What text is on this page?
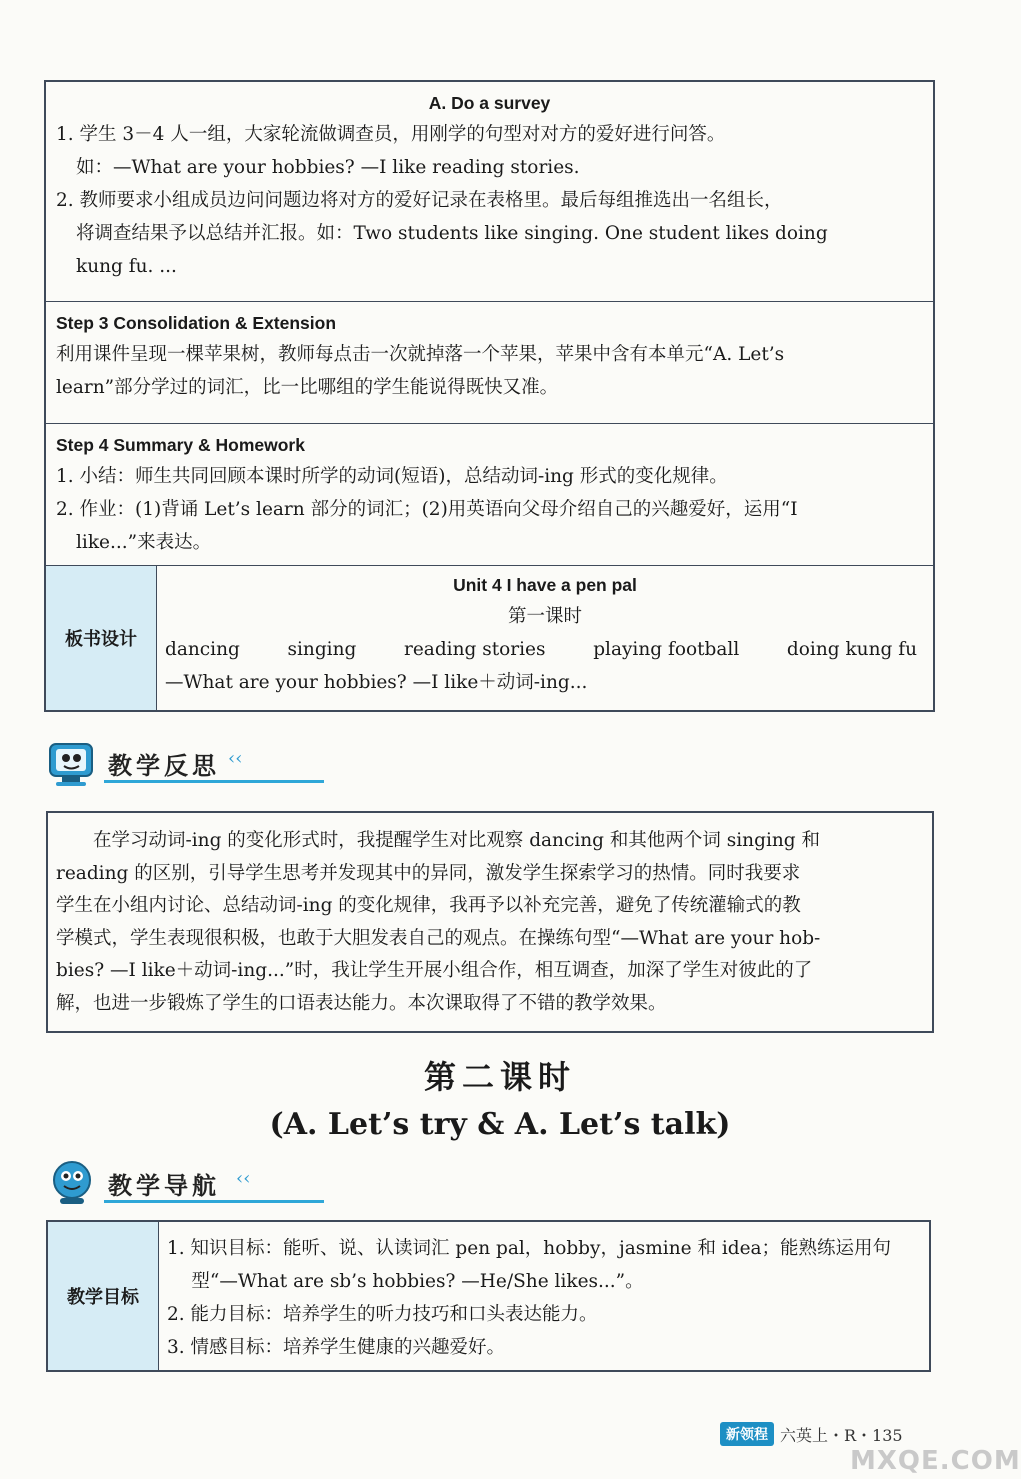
A. Do a survey
1. 学生 3－4 人一组，大家轮流做调查员，用刚学的句型对对方的爱好进行问答。
如：—What are your hobbies? —I like reading stories.
2. 教师要求小组成员边问问题边将对方的爱好记录在表格里。最后每组推选出一名组长，
将调查结果予以总结并汇报。如：Two students like singing. One student likes doing
kung fu. ...
Step 3 Consolidation & Extension
利用课件呈现一棵苹果树，教师每点击一次就掉落一个苹果，苹果中含有本单元“A. Let’s
learn”部分学过的词汇，比一比哪组的学生能说得既快又准。
Step 4 Summary & Homework
1. 小结：师生共同回顾本课时所学的动词(短语)，总结动词-ing 形式的变化规律。
2. 作业：(1)背诵 Let’s learn 部分的词汇；(2)用英语向父母介绍自己的兴趣爱好，运用“I
like...”来表达。
板书设计
Unit 4 I have a pen pal
第一课时
dancing	singing	reading stories	playing football	doing kung fu
—What are your hobbies? —I like＋动词-ing...
教学反思 ‹‹
　　在学习动词-ing 的变化形式时，我提醒学生对比观察 dancing 和其他两个词 singing 和
reading 的区别，引导学生思考并发现其中的异同，激发学生探索学习的热情。同时我要求
学生在小组内讨论、总结动词-ing 的变化规律，我再予以补充完善，避免了传统灌输式的教
学模式，学生表现很积极，也敢于大胆发表自己的观点。在操练句型“—What are your hob-
bies? —I like＋动词-ing...”时，我让学生开展小组合作，相互调查，加深了学生对彼此的了
解，也进一步锻炼了学生的口语表达能力。本次课取得了不错的教学效果。
第二课时
(A. Let’s try & A. Let’s talk)
教学导航 ‹‹
教学目标
1. 知识目标：能听、说、认读词汇 pen pal，hobby，jasmine 和 idea；能熟练运用句
　 型“—What are sb’s hobbies? —He/She likes...”。
2. 能力目标：培养学生的听力技巧和口头表达能力。
3. 情感目标：培养学生健康的兴趣爱好。
新领程 六英上・R・135
MXQE.COM
